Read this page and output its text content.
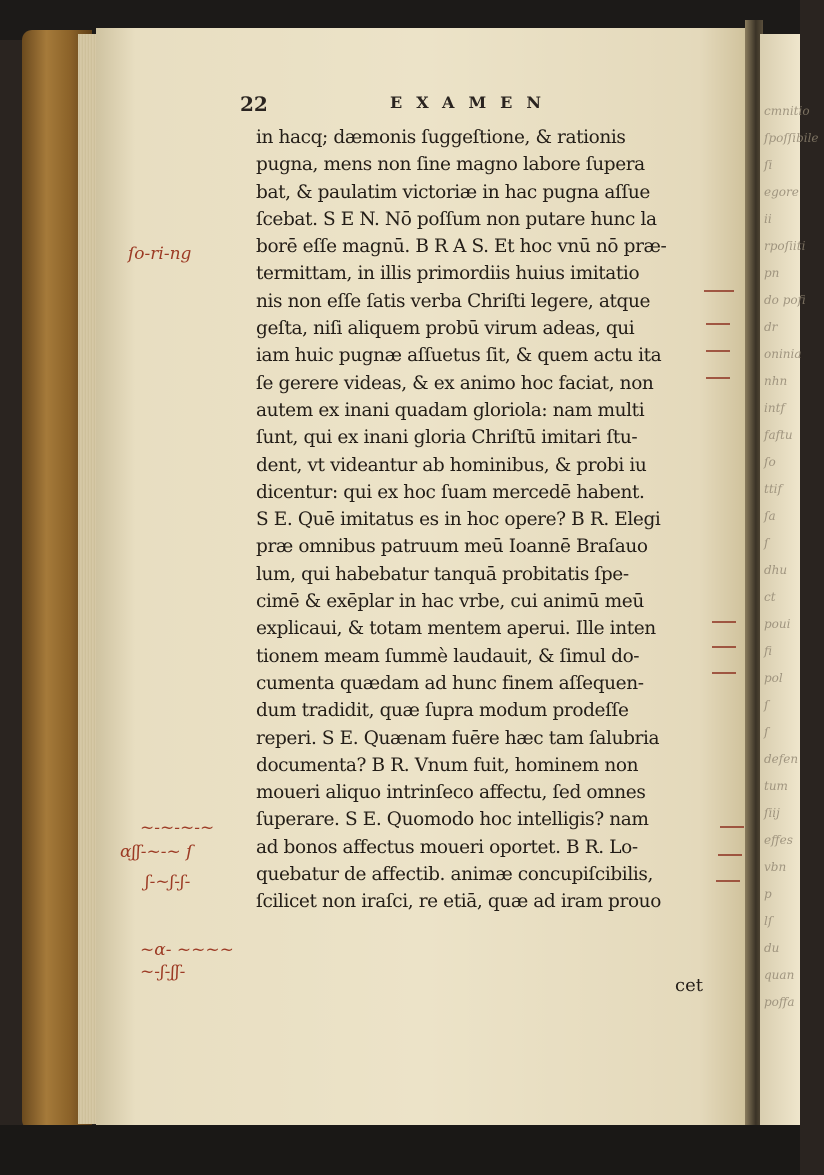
cmnitio
ſpoſſibile
ſi
egore
ii
rpoſiiti
pn
do pofi
dr
oninia
nhn
intf
faftu
ſo
ttif
ſa
ſ
dhu
ct
poui
fi
pol
ſ
ſ
defen
tum
ſiij
effes
vbn
p
lſ
du
quan
poffa
22	EXAMEN
in hacq; dæmonis ſuggeſtione, & rationis
pugna, mens non ſine magno labore ſupera
bat, & paulatim victoriæ in hac pugna aſſue
ſcebat. S E N. Nō poſſum non putare hunc la
borē eſſe magnū. B R A S. Et hoc vnū nō præ-
termittam, in illis primordiis huius imitatio
nis non eſſe ſatis verba Chriſti legere, atque
geſta, niſi aliquem probū virum adeas, qui
iam huic pugnæ aſſuetus ſit, & quem actu ita
ſe gerere videas, & ex animo hoc faciat, non
autem ex inani quadam gloriola: nam multi
ſunt, qui ex inani gloria Chriſtū imitari ſtu-
dent, vt videantur ab hominibus, & probi iu
dicentur: qui ex hoc ſuam mercedē habent.
S E. Quē imitatus es in hoc opere? B R. Elegi
præ omnibus patruum meū Ioannē Braſauo
lum, qui habebatur tanquā probitatis ſpe-
cimē & exēplar in hac vrbe, cui animū meū
explicaui, & totam mentem aperui. Ille inten
tionem meam ſummè laudauit, & ſimul do-
cumenta quædam ad hunc finem aſſequen-
dum tradidit, quæ ſupra modum prodeſſe
reperi. S E. Quænam fuēre hæc tam ſalubria
documenta? B R. Vnum fuit, hominem non
moueri aliquo intrinſeco affectu, ſed omnes
ſuperare. S E. Quomodo hoc intelligis? nam
ad bonos affectus moueri oportet. B R. Lo-
quebatur de affectib. animæ concupiſcibilis,
ſcilicet non iraſci, re etiā, quæ ad iram prouo
cet
ſo-ri-ng
~-~-~-~
ɑʃʃ-~-~ ſ
ʃ-~ʃ-ʃ-
~ɑ- ~~~~
~-ʃ-ʃʃ-
